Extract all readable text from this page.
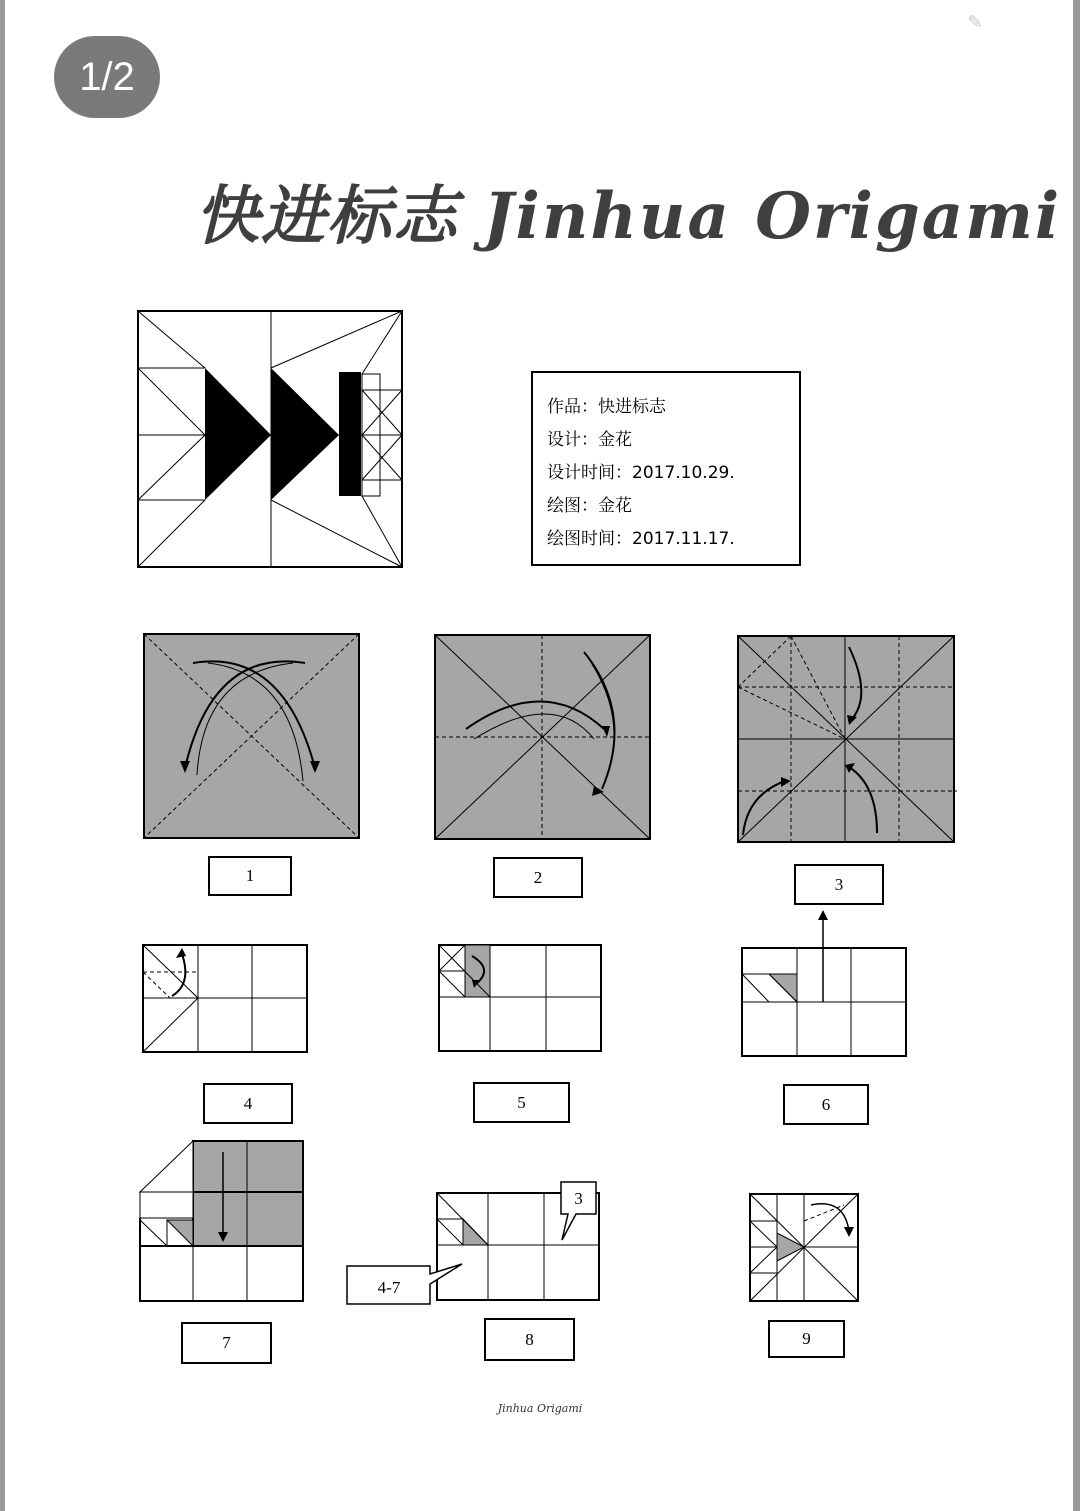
1/2
✎
快进标志 Jinhua Origami
作品：快进标志
设计：金花
设计时间：2017.10.29.
绘图：金花
绘图时间：2017.11.17.
3
4-7
1	2	3
4	5	6
7	8	9
Jinhua Origami
